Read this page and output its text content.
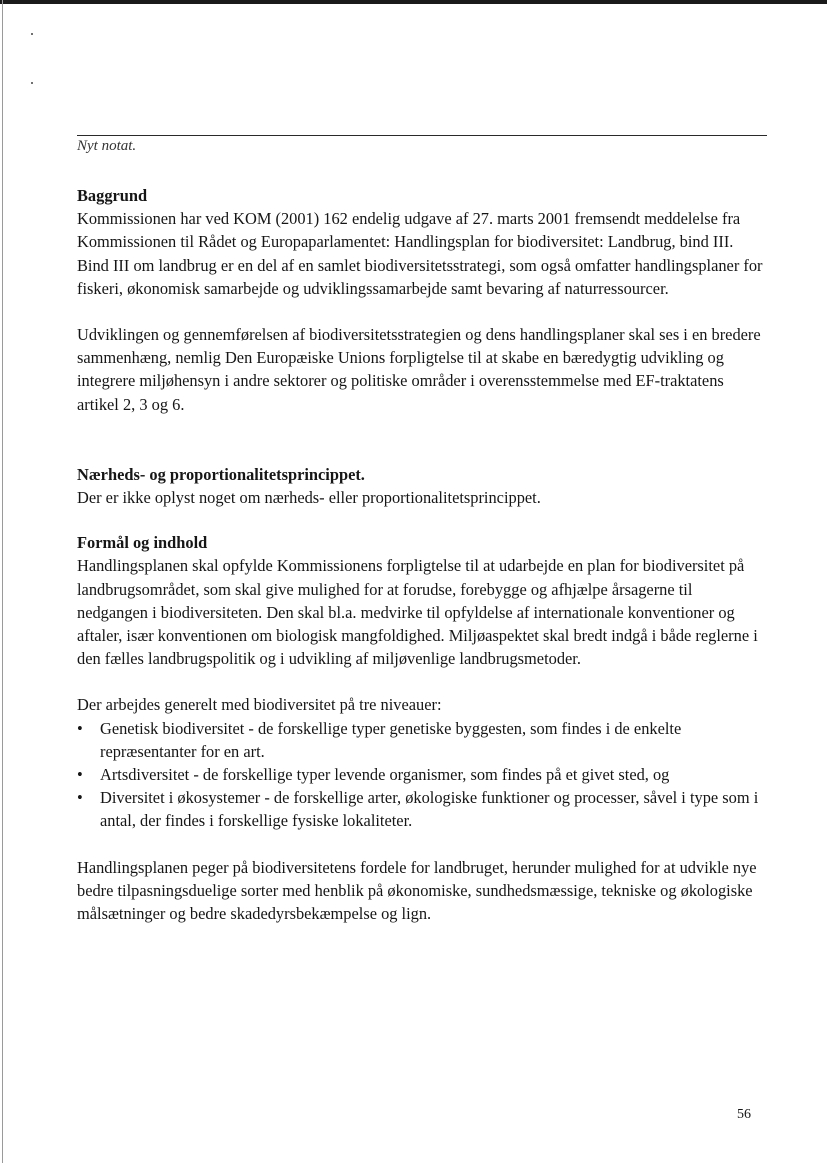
Nyt notat.
Baggrund

Kommissionen har ved KOM (2001) 162 endelig udgave af 27. marts 2001 fremsendt meddelelse fra Kommissionen til Rådet og Europaparlamentet: Handlingsplan for biodiversitet: Landbrug, bind III. Bind III om landbrug er en del af en samlet biodiversitetsstrategi, som også omfatter handlingsplaner for fiskeri, økonomisk samarbejde og udviklingssamarbejde samt bevaring af naturressourcer.

Udviklingen og gennemførelsen af biodiversitetsstrategien og dens handlingsplaner skal ses i en bredere sammenhæng, nemlig Den Europæiske Unions forpligtelse til at skabe en bæredygtig udvikling og integrere miljøhensyn i andre sektorer og politiske områder i overensstemmelse med EF-traktatens artikel 2, 3 og 6.

Nærheds- og proportionalitetsprincippet.

Der er ikke oplyst noget om nærheds- eller proportionalitetsprincippet.

Formål og indhold

Handlingsplanen skal opfylde Kommissionens forpligtelse til at udarbejde en plan for biodiversitet på landbrugsområdet, som skal give mulighed for at forudse, forebygge og afhjælpe årsagerne til nedgangen i biodiversiteten. Den skal bl.a. medvirke til opfyldelse af internationale konventioner og aftaler, især konventionen om biologisk mangfoldighed. Miljøaspektet skal bredt indgå i både reglerne i den fælles landbrugspolitik og i udvikling af miljøvenlige landbrugsmetoder.

Der arbejdes generelt med biodiversitet på tre niveauer:

• Genetisk biodiversitet - de forskellige typer genetiske byggesten, som findes i de enkelte repræsentanter for en art.
• Artsdiversitet - de forskellige typer levende organismer, som findes på et givet sted, og
• Diversitet i økosystemer - de forskellige arter, økologiske funktioner og processer, såvel i type som i antal, der findes i forskellige fysiske lokaliteter.

Handlingsplanen peger på biodiversitetens fordele for landbruget, herunder mulighed for at udvikle nye bedre tilpasningsduelige sorter med henblik på økonomiske, sundhedsmæssige, tekniske og økologiske målsætninger og bedre skadedyrsbekæmpelse og lign.

56
